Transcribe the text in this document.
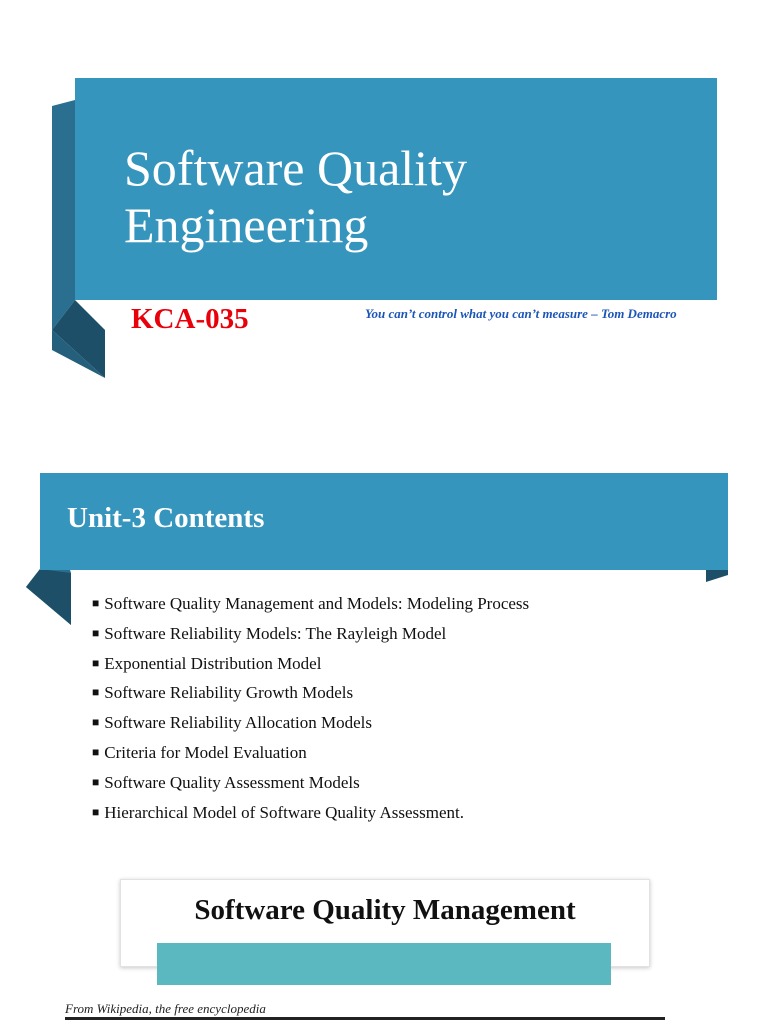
Software Quality
Engineering
KCA-035	You can’t control what you can’t measure – Tom Demacro
Unit-3 Contents
■ Software Quality Management and Models: Modeling Process
■ Software Reliability Models: The Rayleigh Model
■ Exponential Distribution Model
■ Software Reliability Growth Models
■ Software Reliability Allocation Models
■ Criteria for Model Evaluation
■ Software Quality Assessment Models
■ Hierarchical Model of Software Quality Assessment.
Software Quality Management
From Wikipedia, the free encyclopedia
